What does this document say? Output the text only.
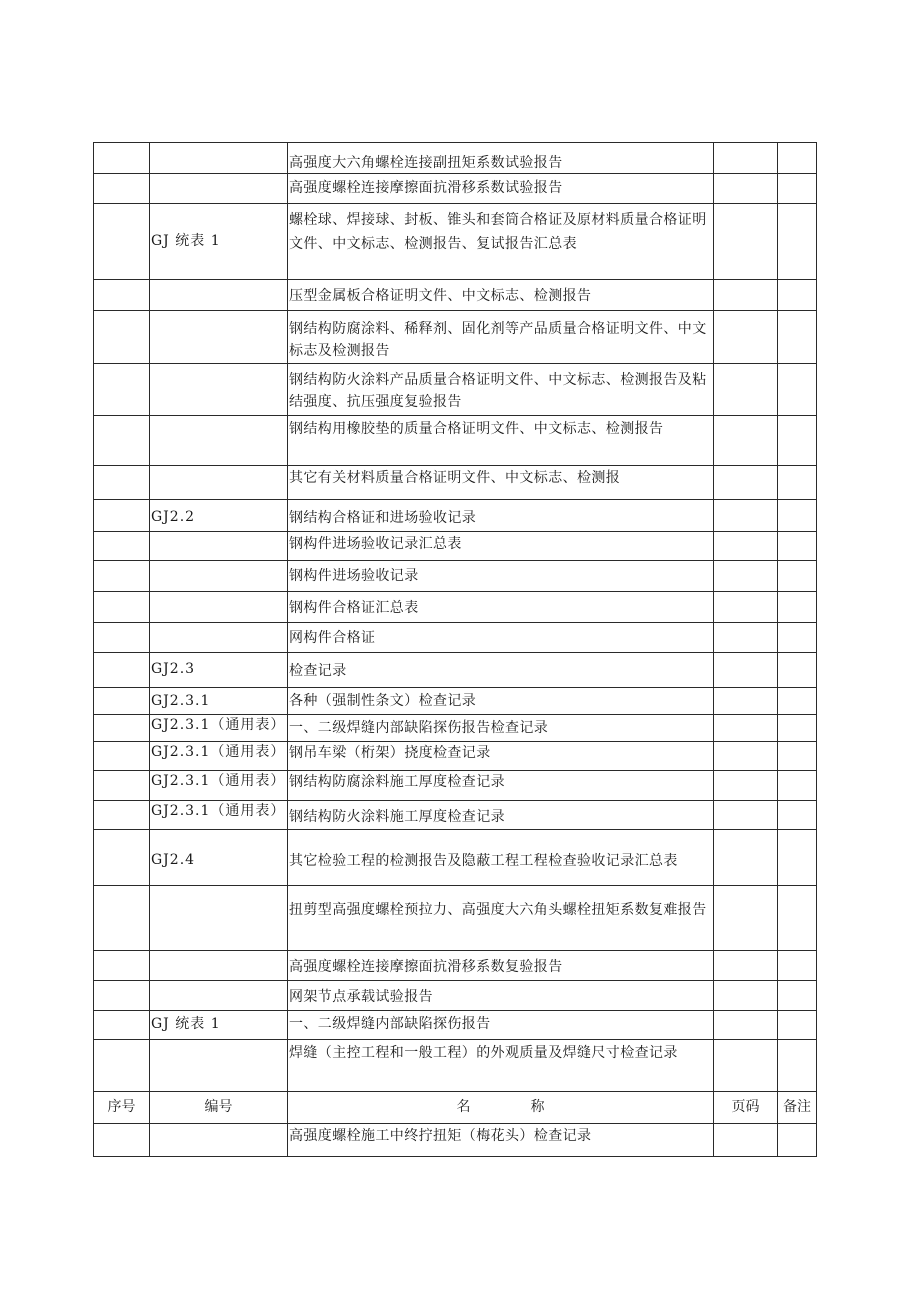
		高强度大六角螺栓连接副扭矩系数试验报告		

		高强度螺栓连接摩擦面抗滑移系数试验报告		

	GJ 统表 1	螺栓球、焊接球、封板、锥头和套筒合格证及原材料质量合格证明文件、中文标志、检测报告、复试报告汇总表		

		压型金属板合格证明文件、中文标志、检测报告		

		钢结构防腐涂料、稀释剂、固化剂等产品质量合格证明文件、中文标志及检测报告		

		钢结构防火涂料产品质量合格证明文件、中文标志、检测报告及粘结强度、抗压强度复验报告		

		钢结构用橡胶垫的质量合格证明文件、中文标志、检测报告		

		其它有关材料质量合格证明文件、中文标志、检测报		

	GJ2.2	钢结构合格证和进场验收记录		

		钢构件进场验收记录汇总表		

		钢构件进场验收记录		

		钢构件合格证汇总表		

		网构件合格证		

	GJ2.3	检查记录		

	GJ2.3.1	各种（强制性条文）检查记录		

	GJ2.3.1（通用表）	一、二级焊缝内部缺陷探伤报告检查记录		

	GJ2.3.1（通用表）	钢吊车梁（桁架）挠度检查记录		

	GJ2.3.1（通用表）	钢结构防腐涂料施工厚度检查记录		

	GJ2.3.1（通用表）	钢结构防火涂料施工厚度检查记录		

	GJ2.4	其它检验工程的检测报告及隐蔽工程工程检查验收记录汇总表		

		扭剪型高强度螺栓预拉力、高强度大六角头螺栓扭矩系数复难报告		

		高强度螺栓连接摩擦面抗滑移系数复验报告		

		网架节点承载试验报告		

	GJ 统表 1	一、二级焊缝内部缺陷探伤报告		

		焊缝（主控工程和一般工程）的外观质量及焊缝尺寸检查记录		

序号	编号	名 称	页码	备注

		高强度螺栓施工中终拧扭矩（梅花头）检查记录		
